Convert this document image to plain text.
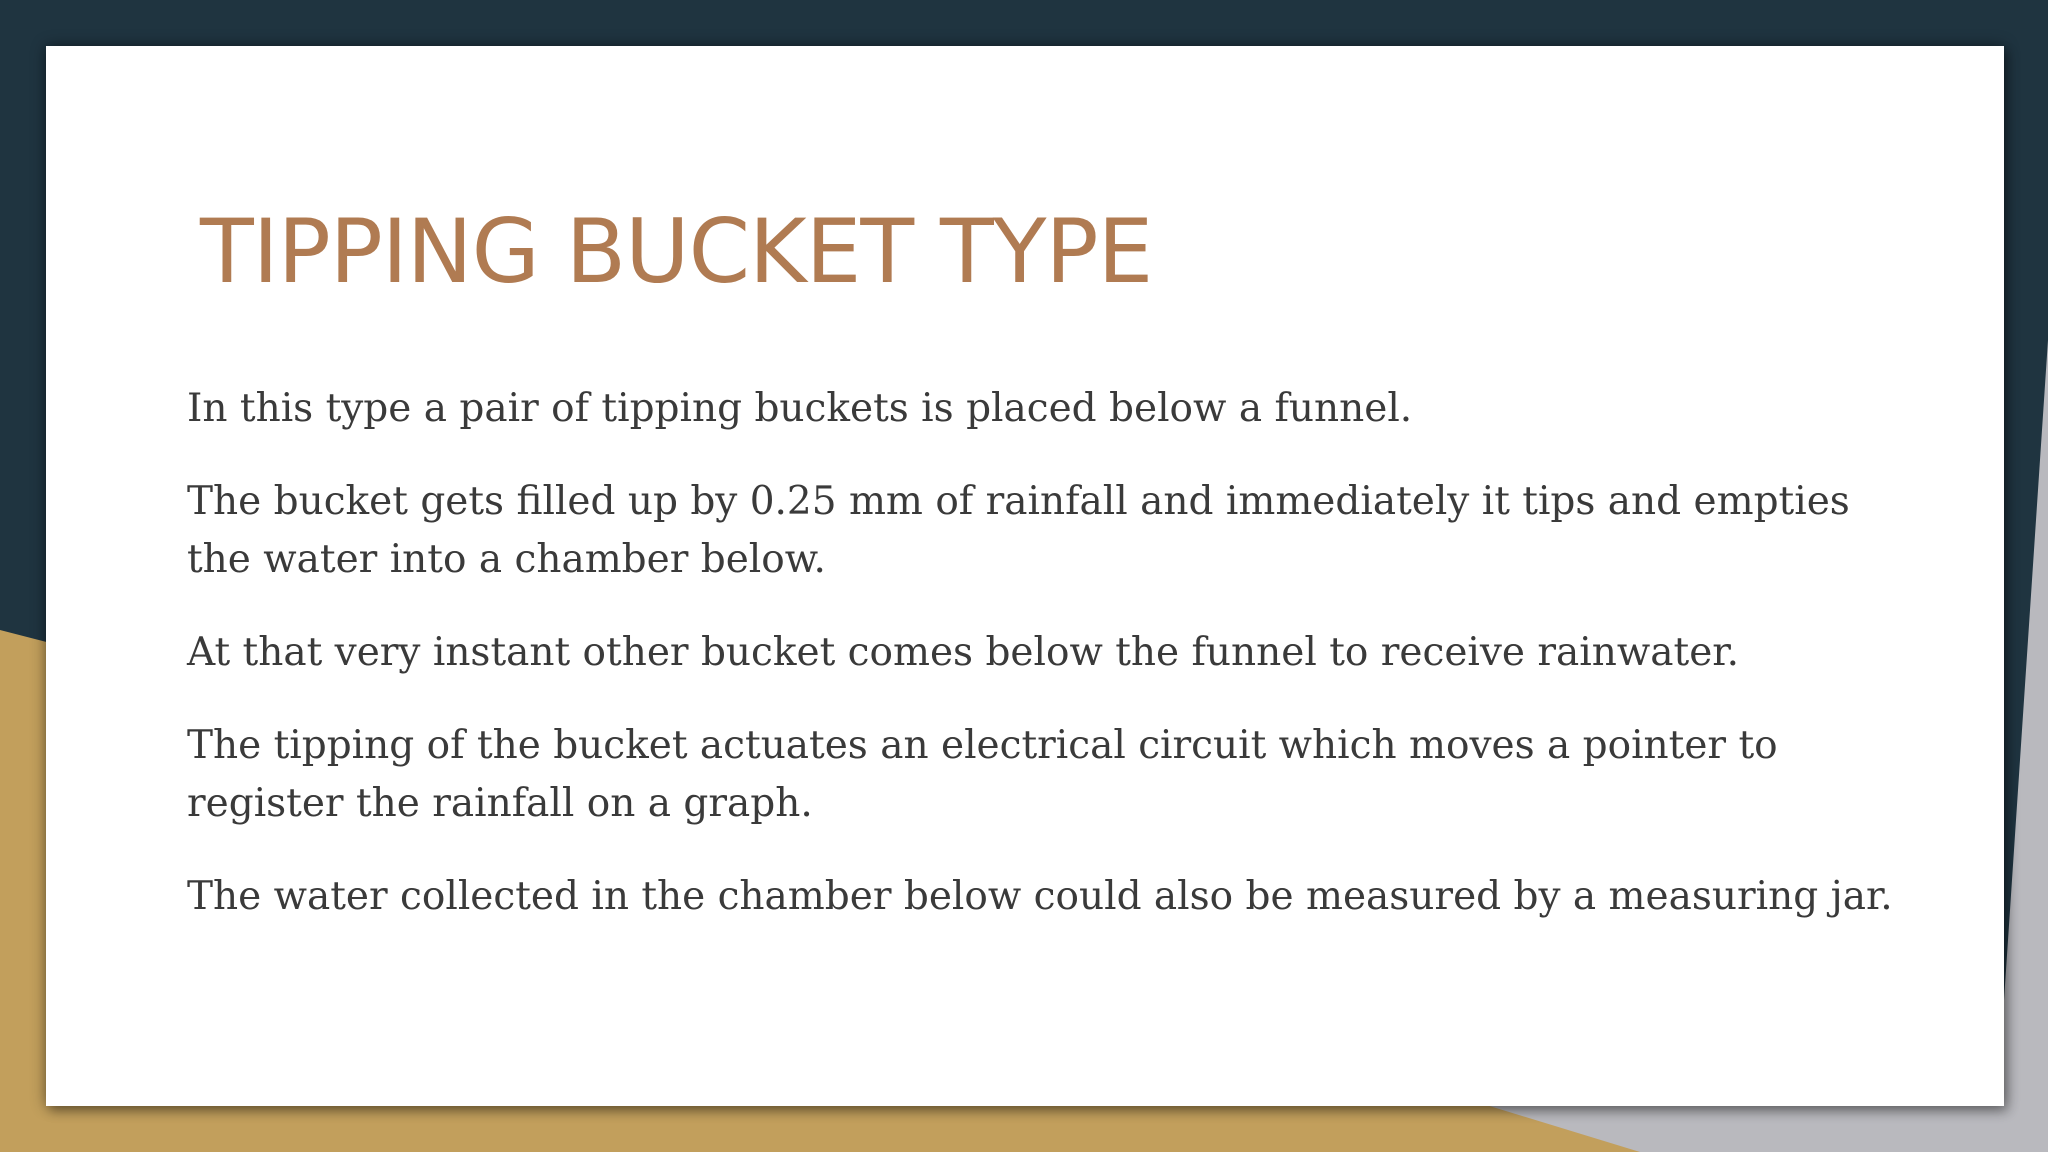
TIPPING BUCKET TYPE

In this type a pair of tipping buckets is placed below a funnel.

The bucket gets filled up by 0.25 mm of rainfall and immediately it tips and empties the water into a chamber below.

At that very instant other bucket comes below the funnel to receive rainwater.

The tipping of the bucket actuates an electrical circuit which moves a pointer to register the rainfall on a graph.

The water collected in the chamber below could also be measured by a measuring jar.
